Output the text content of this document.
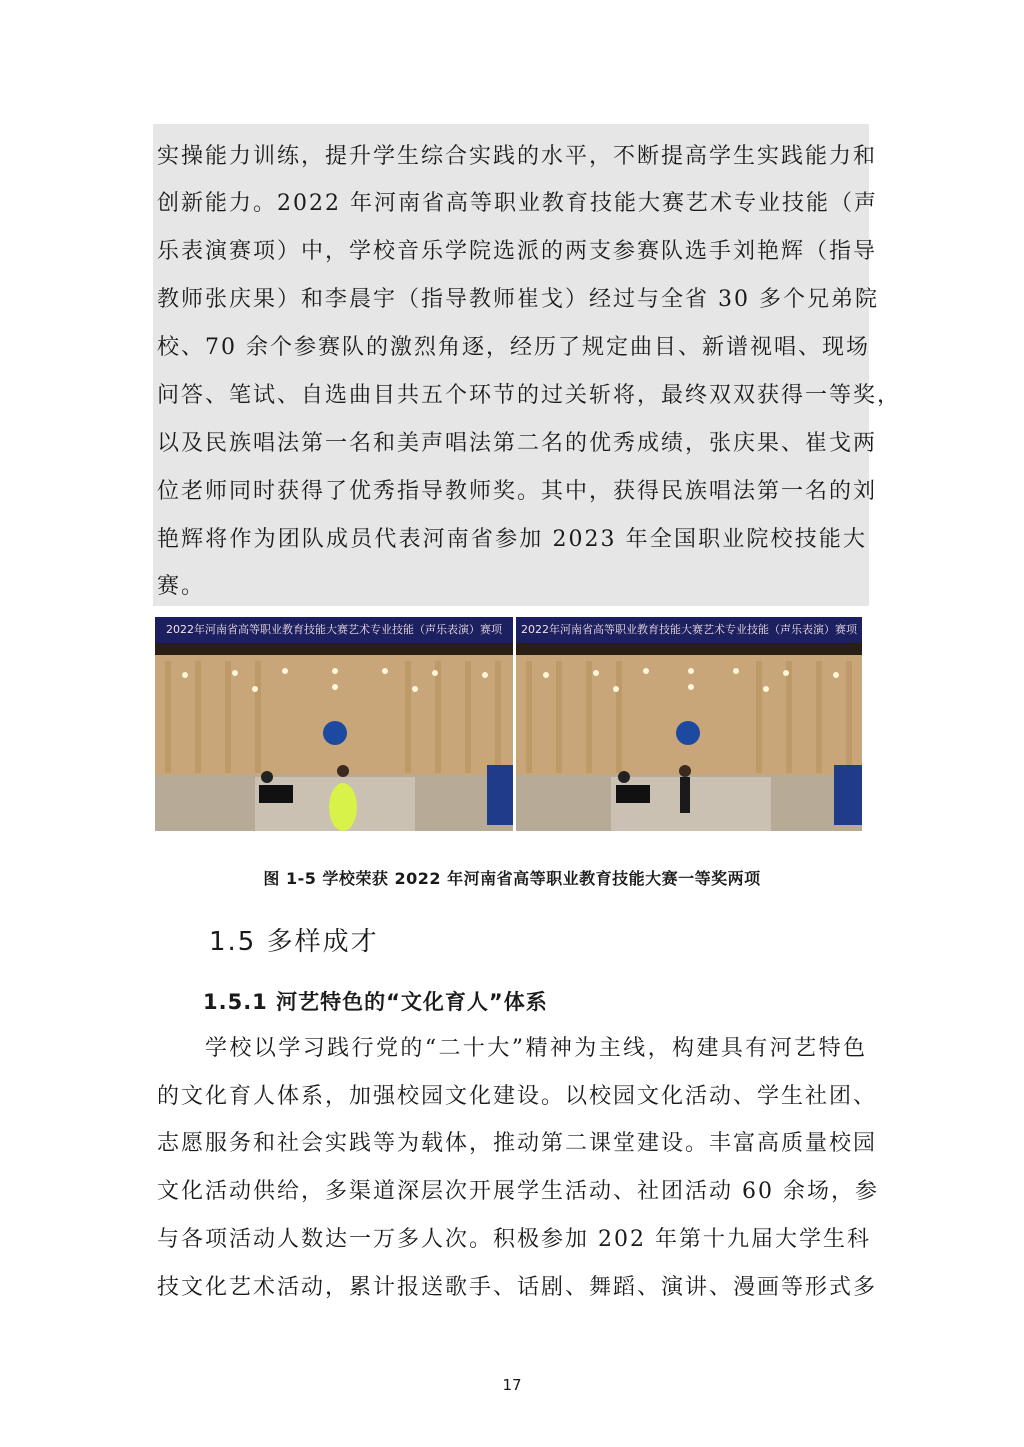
实操能力训练，提升学生综合实践的水平，不断提高学生实践能力和
创新能力。2022 年河南省高等职业教育技能大赛艺术专业技能（声
乐表演赛项）中，学校音乐学院选派的两支参赛队选手刘艳辉（指导
教师张庆果）和李晨宇（指导教师崔戈）经过与全省 30 多个兄弟院
校、70 余个参赛队的激烈角逐，经历了规定曲目、新谱视唱、现场
问答、笔试、自选曲目共五个环节的过关斩将，最终双双获得一等奖，
以及民族唱法第一名和美声唱法第二名的优秀成绩，张庆果、崔戈两
位老师同时获得了优秀指导教师奖。其中，获得民族唱法第一名的刘
艳辉将作为团队成员代表河南省参加 2023 年全国职业院校技能大
赛。
2022年河南省高等职业教育技能大赛艺术专业技能（声乐表演）赛项	2022年河南省高等职业教育技能大赛艺术专业技能（声乐表演）赛项
图 1-5 学校荣获 2022 年河南省高等职业教育技能大赛一等奖两项
1.5 多样成才
1.5.1 河艺特色的“文化育人”体系
学校以学习践行党的“二十大”精神为主线，构建具有河艺特色
的文化育人体系，加强校园文化建设。以校园文化活动、学生社团、
志愿服务和社会实践等为载体，推动第二课堂建设。丰富高质量校园
文化活动供给，多渠道深层次开展学生活动、社团活动 60 余场，参
与各项活动人数达一万多人次。积极参加 202 年第十九届大学生科
技文化艺术活动，累计报送歌手、话剧、舞蹈、演讲、漫画等形式多
17
